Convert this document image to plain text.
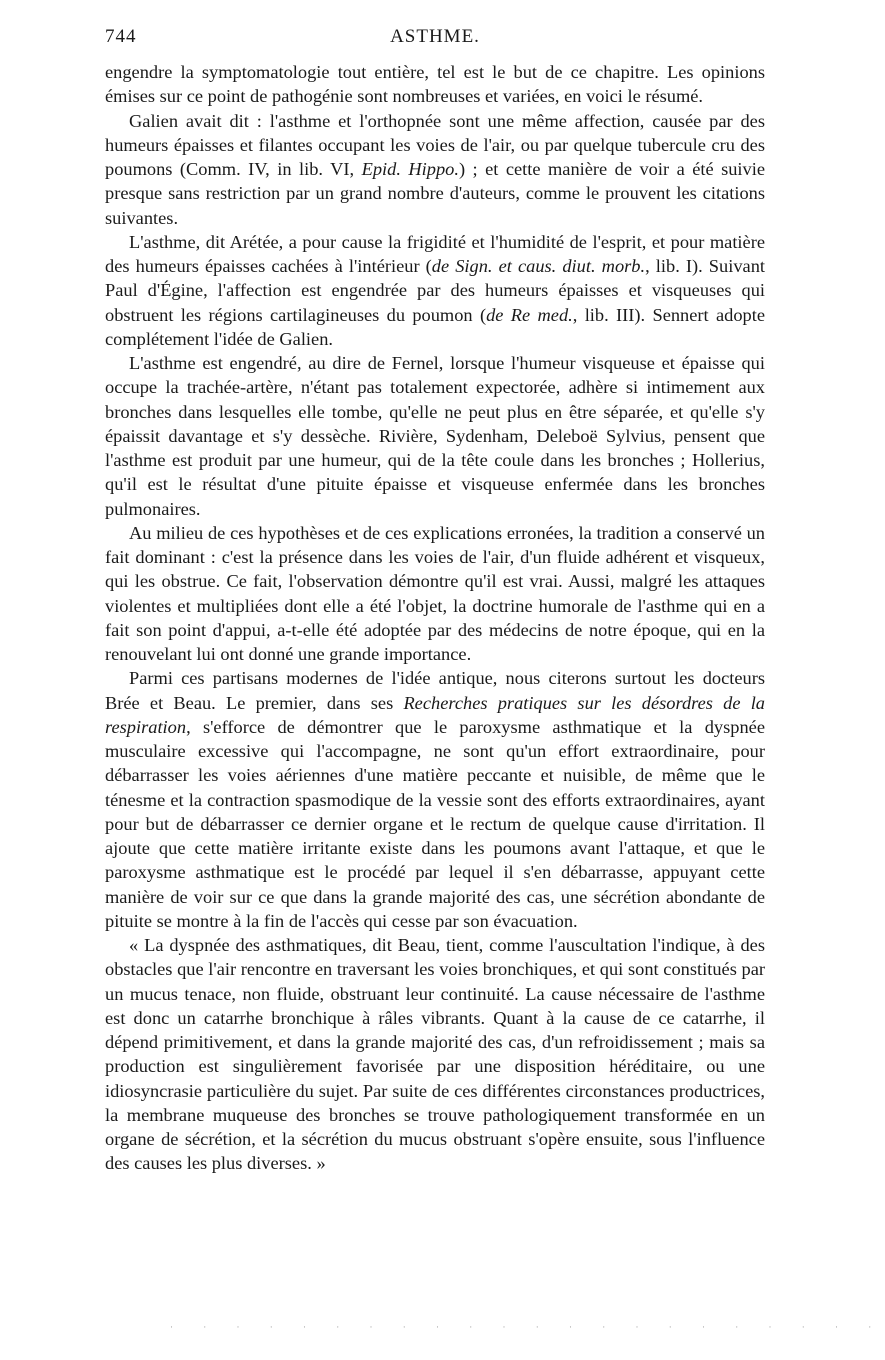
744	ASTHME.

engendre la symptomatologie tout entière, tel est le but de ce chapitre. Les opinions émises sur ce point de pathogénie sont nombreuses et variées, en voici le résumé.

Galien avait dit : l'asthme et l'orthopnée sont une même affection, causée par des humeurs épaisses et filantes occupant les voies de l'air, ou par quelque tubercule cru des poumons (Comm. IV, in lib. VI, Epid. Hippo.) ; et cette manière de voir a été suivie presque sans restriction par un grand nombre d'auteurs, comme le prouvent les citations suivantes.

L'asthme, dit Arétée, a pour cause la frigidité et l'humidité de l'esprit, et pour matière des humeurs épaisses cachées à l'intérieur (de Sign. et caus. diut. morb., lib. I). Suivant Paul d'Égine, l'affection est engendrée par des humeurs épaisses et visqueuses qui obstruent les régions cartilagineuses du poumon (de Re med., lib. III). Sennert adopte complétement l'idée de Galien.

L'asthme est engendré, au dire de Fernel, lorsque l'humeur visqueuse et épaisse qui occupe la trachée-artère, n'étant pas totalement expectorée, adhère si intimement aux bronches dans lesquelles elle tombe, qu'elle ne peut plus en être séparée, et qu'elle s'y épaissit davantage et s'y dessèche. Rivière, Sydenham, Deleboë Sylvius, pensent que l'asthme est produit par une humeur, qui de la tête coule dans les bronches ; Hollerius, qu'il est le résultat d'une pituite épaisse et visqueuse enfermée dans les bronches pulmonaires.

Au milieu de ces hypothèses et de ces explications erronées, la tradition a conservé un fait dominant : c'est la présence dans les voies de l'air, d'un fluide adhérent et visqueux, qui les obstrue. Ce fait, l'observation démontre qu'il est vrai. Aussi, malgré les attaques violentes et multipliées dont elle a été l'objet, la doctrine humorale de l'asthme qui en a fait son point d'appui, a-t-elle été adoptée par des médecins de notre époque, qui en la renouvelant lui ont donné une grande importance.

Parmi ces partisans modernes de l'idée antique, nous citerons surtout les docteurs Brée et Beau. Le premier, dans ses Recherches pratiques sur les désordres de la respiration, s'efforce de démontrer que le paroxysme asthmatique et la dyspnée musculaire excessive qui l'accompagne, ne sont qu'un effort extraordinaire, pour débarrasser les voies aériennes d'une matière peccante et nuisible, de même que le ténesme et la contraction spasmodique de la vessie sont des efforts extraordinaires, ayant pour but de débarrasser ce dernier organe et le rectum de quelque cause d'irritation. Il ajoute que cette matière irritante existe dans les poumons avant l'attaque, et que le paroxysme asthmatique est le procédé par lequel il s'en débarrasse, appuyant cette manière de voir sur ce que dans la grande majorité des cas, une sécrétion abondante de pituite se montre à la fin de l'accès qui cesse par son évacuation.

« La dyspnée des asthmatiques, dit Beau, tient, comme l'auscultation l'indique, à des obstacles que l'air rencontre en traversant les voies bronchiques, et qui sont constitués par un mucus tenace, non fluide, obstruant leur continuité. La cause nécessaire de l'asthme est donc un catarrhe bronchique à râles vibrants. Quant à la cause de ce catarrhe, il dépend primitivement, et dans la grande majorité des cas, d'un refroidissement ; mais sa production est singulièrement favorisée par une disposition héréditaire, ou une idiosyncrasie particulière du sujet. Par suite de ces différentes circonstances productrices, la membrane muqueuse des bronches se trouve pathologiquement transformée en un organe de sécrétion, et la sécrétion du mucus obstruant s'opère ensuite, sous l'influence des causes les plus diverses. »

· · · · · · · · · · · · · · · · · · · · · ·
